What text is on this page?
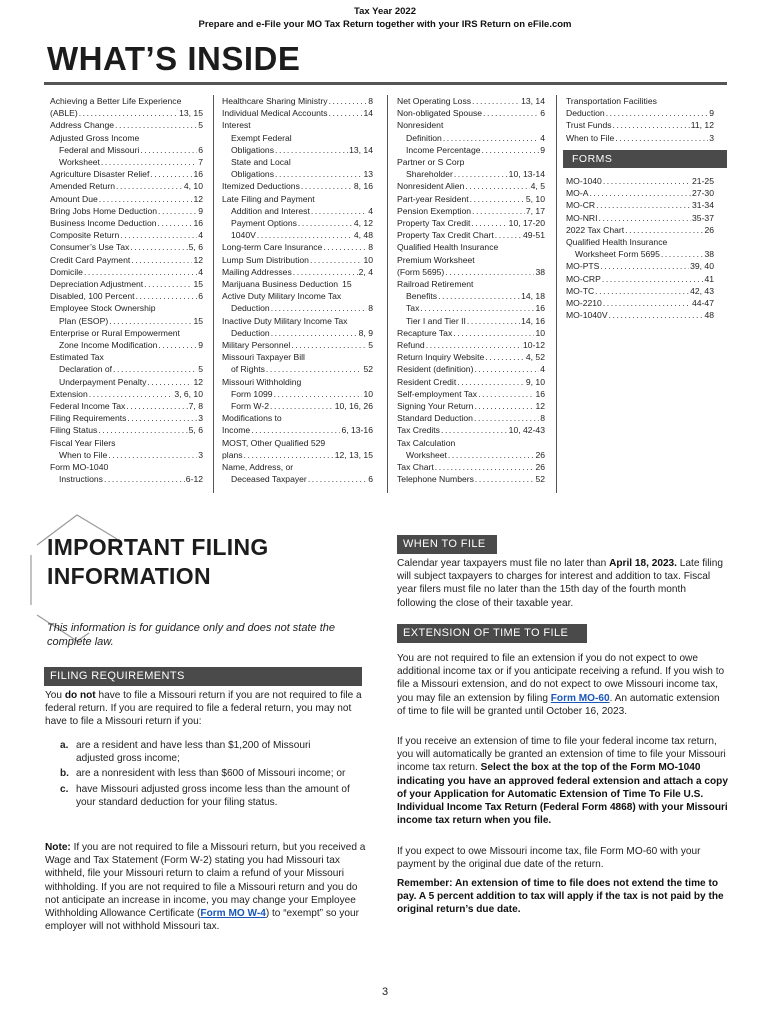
Tax Year 2022
Prepare and e-File your MO Tax Return together with your IRS Return on eFile.com
WHAT’S INSIDE
Achieving a Better Life Experience
(ABLE) . . .	13, 15
Address Change . . .	5
Adjusted Gross Income
Federal and Missouri . . .	6
Worksheet . . .	7
Agriculture Disaster Relief . . .	16
Amended Return . . .	4, 10
Amount Due . . .	12
Bring Jobs Home Deduction . . .	9
Business Income Deduction . . .	16
Composite Return . . .	4
Consumer’s Use Tax . . .	5, 6
Credit Card Payment . . .	12
Domicile . . .	4
Depreciation Adjustment . . .	15
Disabled, 100 Percent . . .	6
Employee Stock Ownership
Plan (ESOP) . . .	15
Enterprise or Rural Empowerment
Zone Income Modification . . .	9
Estimated Tax
Declaration of . . .	5
Underpayment Penalty . . .	12
Extension . . .	3, 6, 10
Federal Income Tax . . .	7, 8
Filing Requirements . . .	3
Filing Status . . .	5, 6
Fiscal Year Filers
When to File . . .	3
Form MO-1040
Instructions . . .	6-12
Healthcare Sharing Ministry . . .	8
Individual Medical Accounts . . .	14
Interest
Exempt Federal
Obligations . . .	13, 14
State and Local
Obligations . . .	13
Itemized Deductions . . .	8, 16
Late Filing and Payment
Addition and Interest . . .	4
Payment Options . . .	4, 12
1040V . . .	4, 48
Long-term Care Insurance . . .	8
Lump Sum Distribution . . .	10
Mailing Addresses . . .	2, 4
Marijuana Business Deduction 15
Active Duty Military Income Tax
Deduction . . .	8
Inactive Duty Military Income Tax
Deduction . . .	8, 9
Military Personnel . . .	5
Missouri Taxpayer Bill
of Rights . . .	52
Missouri Withholding
Form 1099 . . .	10
Form W-2 . . .	10, 16, 26
Modifications to
Income . . .	6, 13-16
MOST, Other Qualified 529
plans . . .	12, 13, 15
Name, Address, or
Deceased Taxpayer . . .	6
Net Operating Loss . . .	13, 14
Non-obligated Spouse . . .	6
Nonresident
Definition . . .	4
Income Percentage . . .	9
Partner or S Corp
Shareholder . . .	10, 13-14
Nonresident Alien . . .	4, 5
Part-year Resident . . .	5, 10
Pension Exemption . . .	7, 17
Property Tax Credit . . .	10, 17-20
Property Tax Credit Chart . . .	49-51
Qualified Health Insurance
Premium Worksheet
(Form 5695) . . .	38
Railroad Retirement
Benefits . . .	14, 18
Tax . . .	16
Tier I and Tier II . . .	14, 16
Recapture Tax . . .	10
Refund . . .	10-12
Return Inquiry Website . . .	4, 52
Resident (definition) . . .	4
Resident Credit . . .	9, 10
Self-employment Tax . . .	16
Signing Your Return . . .	12
Standard Deduction . . .	8
Tax Credits . . .	10, 42-43
Tax Calculation
Worksheet . . .	26
Tax Chart . . .	26
Telephone Numbers . . .	52
Transportation Facilities
Deduction . . .	9
Trust Funds . . .	11, 12
When to File . . .	3
FORMS
MO-1040 . . .	21-25
MO-A . . .	27-30
MO-CR . . .	31-34
MO-NRI . . .	35-37
2022 Tax Chart . . .	26
Qualified Health Insurance
Worksheet Form 5695 . . .	38
MO-PTS . . .	39, 40
MO-CRP . . .	41
MO-TC . . .	42, 43
MO-2210 . . .	44-47
MO-1040V . . .	48
IMPORTANT FILING
INFORMATION
This information is for guidance only and does not state the complete law.
FILING REQUIREMENTS
You do not have to file a Missouri return if you are not required to file a federal return. If you are required to file a federal return, you may not have to file a Missouri return if you:
a. are a resident and have less than $1,200 of Missouri adjusted gross income;
b. are a nonresident with less than $600 of Missouri income; or
c. have Missouri adjusted gross income less than the amount of your standard deduction for your filing status.
Note: If you are not required to file a Missouri return, but you received a Wage and Tax Statement (Form W-2) stating you had Missouri tax withheld, file your Missouri return to claim a refund of your Missouri withholding. If you are not required to file a Missouri return and you do not anticipate an increase in income, you may change your Employee Withholding Allowance Certificate (Form MO W-4) to “exempt” so your employer will not withhold Missouri tax.
WHEN TO FILE
Calendar year taxpayers must file no later than April 18, 2023. Late filing will subject taxpayers to charges for interest and addition to tax. Fiscal year filers must file no later than the 15th day of the fourth month following the close of their taxable year.
EXTENSION OF TIME TO FILE
You are not required to file an extension if you do not expect to owe additional income tax or if you anticipate receiving a refund. If you wish to file a Missouri extension, and do not expect to owe Missouri income tax, you may file an extension by filing Form MO-60. An automatic extension of time to file will be granted until October 16, 2023.
If you receive an extension of time to file your federal income tax return, you will automatically be granted an extension of time to file your Missouri income tax return. Select the box at the top of the Form MO-1040 indicating you have an approved federal extension and attach a copy of your Application for Automatic Extension of Time To File U.S. Individual Income Tax Return (Federal Form 4868) with your Missouri income tax return when you file.
If you expect to owe Missouri income tax, file Form MO-60 with your payment by the original due date of the return.
Remember: An extension of time to file does not extend the time to pay. A 5 percent addition to tax will apply if the tax is not paid by the original return’s due date.
3
